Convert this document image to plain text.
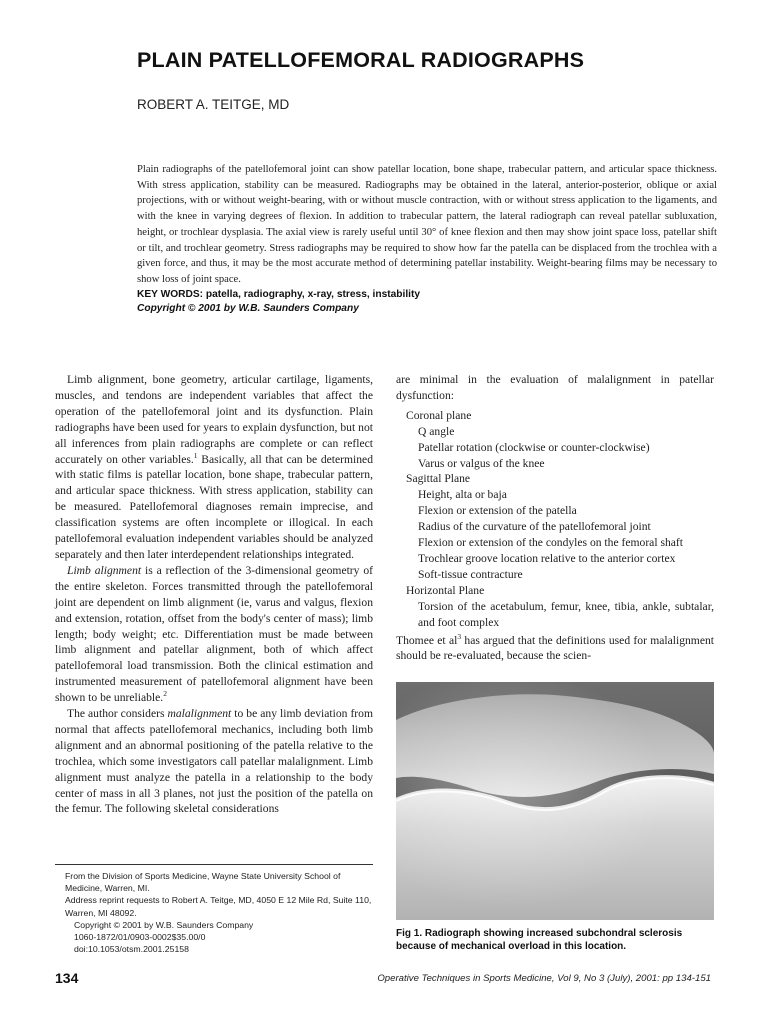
PLAIN PATELLOFEMORAL RADIOGRAPHS
ROBERT A. TEITGE, MD

Plain radiographs of the patellofemoral joint can show patellar location, bone shape, trabecular pattern, and articular space thickness. With stress application, stability can be measured. Radiographs may be obtained in the lateral, anterior-posterior, oblique or axial projections, with or without weight-bearing, with or without muscle contraction, with or without stress application to the ligaments, and with the knee in varying degrees of flexion. In addition to trabecular pattern, the lateral radiograph can reveal patellar subluxation, height, or trochlear dysplasia. The axial view is rarely useful until 30° of knee flexion and then may show joint space loss, patellar shift or tilt, and trochlear geometry. Stress radiographs may be required to show how far the patella can be displaced from the trochlea with a given force, and thus, it may be the most accurate method of determining patellar instability. Weight-bearing films may be necessary to show loss of joint space.

KEY WORDS: patella, radiography, x-ray, stress, instability
Copyright © 2001 by W.B. Saunders Company

Limb alignment, bone geometry, articular cartilage, ligaments, muscles, and tendons are independent variables that affect the operation of the patellofemoral joint and its dysfunction. Plain radiographs have been used for years to explain dysfunction, but not all inferences from plain radiographs are complete or can reflect accurately on other variables.$^1$ Basically, all that can be determined with static films is patellar location, bone shape, trabecular pattern, and articular space thickness. With stress application, stability can be measured. Patellofemoral diagnoses remain imprecise, and classification systems are often incomplete or illogical. In each patellofemoral evaluation independent variables should be analyzed separately and then later interdependent relationships integrated.

Limb alignment is a reflection of the 3-dimensional geometry of the entire skeleton. Forces transmitted through the patellofemoral joint are dependent on limb alignment (ie, varus and valgus, flexion and extension, rotation, offset from the body's center of mass); limb length; body weight; etc. Differentiation must be made between limb alignment and patellar alignment, both of which affect patellofemoral load transmission. Both the clinical estimation and instrumented measurement of patellofemoral alignment have been shown to be unreliable.$^2$

The author considers malalignment to be any limb deviation from normal that affects patellofemoral mechanics, including both limb alignment and an abnormal positioning of the patella relative to the trochlea, which some investigators call patellar malalignment. Limb alignment must analyze the patella in a relationship to the body center of mass in all 3 planes, not just the position of the patella on the femur. The following skeletal considerations

are minimal in the evaluation of malalignment in patellar dysfunction:

Coronal plane
Q angle
Patellar rotation (clockwise or counter-clockwise)
Varus or valgus of the knee
Sagittal Plane
Height, alta or baja
Flexion or extension of the patella
Radius of the curvature of the patellofemoral joint
Flexion or extension of the condyles on the femoral shaft
Trochlear groove location relative to the anterior cortex
Soft-tissue contracture
Horizontal Plane
Torsion of the acetabulum, femur, knee, tibia, ankle, subtalar, and foot complex

Thomee et $al^3$ has argued that the definitions used for malalignment should be re-evaluated, because the scien-

Fig 1. Radiograph showing increased subchondral sclerosis because of mechanical overload in this location.
From the Division of Sports Medicine, Wayne State University School of Medicine, Warren, MI.
Address reprint requests to Robert A. Teitge, MD, 4050 E 12 Mile Rd, Suite 110, Warren, MI 48092.
Copyright © 2001 by W.B. Saunders Company
1060-1872/01/0903-0002$35.00/0
doi:10.1053/otsm.2001.25158
134	Operative Techniques in Sports Medicine, Vol 9, No 3 (July), 2001: pp 134-151
